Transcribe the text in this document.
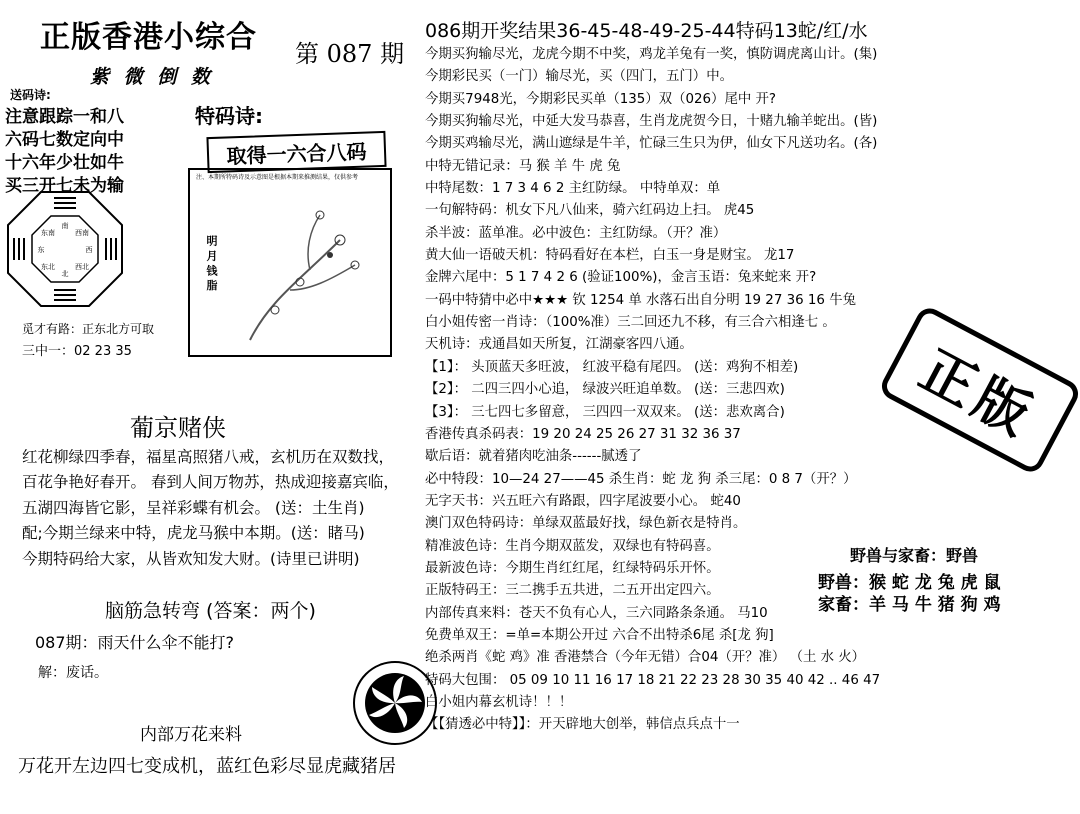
正版香港小综合 第 087 期
紫 微 倒 数
送码诗:
注意跟踪一和八
六码七数定向中
十六年少壮如牛
买三开七未为输
特码诗:
取得一六合八码
注、本期所特码诗及示意图是根据本期来推测结果，仅供参考
明 月 钱 脂
南
西南
西
西北
北
东北
东
东南
觅才有路：正东北方可取
三中一：02 23 35
葡京赌侠
红花柳绿四季春，福星高照猪八戒，玄机历在双数找，
百花争艳好春开。 春到人间万物苏，热成迎接嘉宾临，
五湖四海皆它影，呈祥彩蝶有机会。 (送：土生肖)
配;今期兰绿来中特，虎龙马猴中本期。(送：睹马)
今期特码给大家，从皆欢知发大财。(诗里已讲明)
脑筋急转弯 (答案：两个)
087期：雨天什么伞不能打?
解：废话。
内部万花来料
万花开左边四七变成机，蓝红色彩尽显虎藏猪居
086期开奖结果36-45-48-49-25-44特码13蛇/红/水
今期买狗输尽光，龙虎今期不中奖，鸡龙羊兔有一奖，慎防调虎离山计。(集)
今期彩民买（一门）输尽光，买（四门，五门）中。
今期买7948光，今期彩民买单（135）双（026）尾中 开?
今期买狗输尽光，中延大发马恭喜，生肖龙虎贺今日，十赌九输羊蛇出。(皆)
今期买鸡输尽光，满山遮绿是牛羊，忙碌三生只为伊，仙女下凡送功名。(各)
中特无错记录：马 猴 羊 牛 虎 兔
中特尾数：1 7 3 4 6 2 主红防绿。 中特单双：单
一句解特码：机女下凡八仙来，骑六红码边上扫。 虎45
杀半波：蓝单准。必中波色：主红防绿。（开？准）
黄大仙一语破天机：特码看好在本栏，白玉一身是财宝。 龙17
金牌六尾中：5 1 7 4 2 6 (验证100%)，金言玉语：兔来蛇来 开?
一码中特猜中必中★★★ 钦 1254 单 水落石出自分明 19 27 36 16 牛兔
白小姐传密一肖诗：（100%准）三二回还九不移，有三合六相逢七 。
天机诗：戎通昌如天所复，江湖豪客四八通。
【1】： 头顶蓝天多旺波， 红波平稳有尾四。 (送：鸡狗不相差)
【2】： 二四三四小心追， 绿波兴旺追单数。 (送：三悲四欢)
【3】： 三七四七多留意， 三四四一双双来。 (送：悲欢离合)
香港传真杀码表：19 20 24 25 26 27 31 32 36 37
歇后语：就着猪肉吃油条------腻透了
必中特段：10—24 27——45 杀生肖：蛇 龙 狗 杀三尾：0 8 7（开？）
无字天书：兴五旺六有路跟，四字尾波要小心。 蛇40
澳门双色特码诗：单绿双蓝最好找，绿色新衣是特肖。
精准波色诗：生肖今期双蓝发，双绿也有特码喜。
最新波色诗：今期生肖红红尾，红绿特码乐开怀。
正版特码王：三二携手五共进，二五开出定四六。
内部传真来料：苍天不负有心人，三六同路条条通。 马10
免费单双王：=单=本期公开过 六合不出特杀6尾 杀[龙 狗]
绝杀两肖《蛇 鸡》准 香港禁合（今年无错）合04（开？准） （土 水 火）
特码大包围： 05 09 10 11 16 17 18 21 22 23 28 30 35 40 42 .. 46 47
白小姐内幕玄机诗！！！
【【猜透必中特】】：开天辟地大创举，韩信点兵点十一
正版
野兽与家畜：野兽
野兽：猴 蛇 龙 兔 虎 鼠
家畜：羊 马 牛 猪 狗 鸡
